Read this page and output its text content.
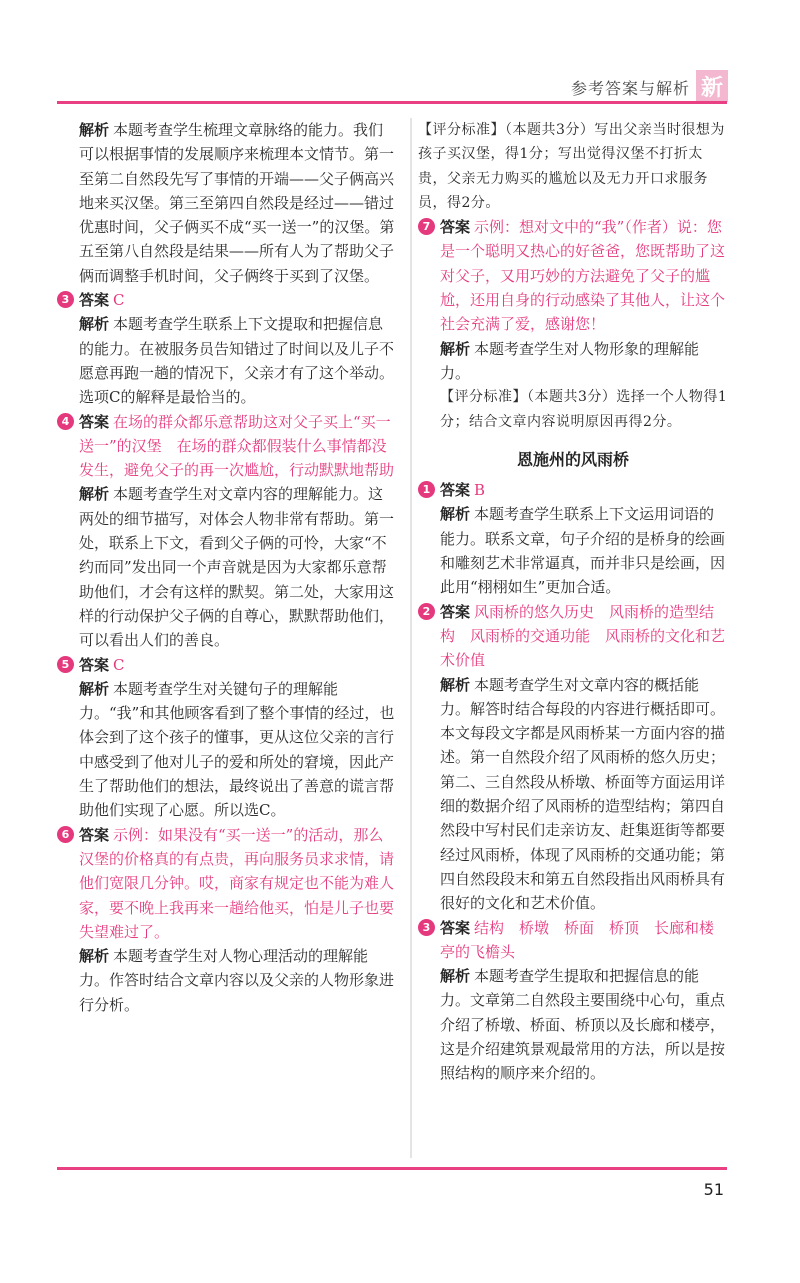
参考答案与解析 新

解析 本题考查学生梳理文章脉络的能力。我们可以根据事情的发展顺序来梳理本文情节。第一至第二自然段先写了事情的开端——父子俩高兴地来买汉堡。第三至第四自然段是经过——错过优惠时间，父子俩买不成“买一送一”的汉堡。第五至第八自然段是结果——所有人为了帮助父子俩而调整手机时间，父子俩终于买到了汉堡。

3 答案 C

解析 本题考查学生联系上下文提取和把握信息的能力。在被服务员告知错过了时间以及儿子不愿意再跑一趟的情况下，父亲才有了这个举动。选项C的解释是最恰当的。

4 答案 在场的群众都乐意帮助这对父子买上“买一送一”的汉堡　在场的群众都假装什么事情都没发生，避免父子的再一次尴尬，行动默默地帮助

解析 本题考查学生对文章内容的理解能力。这两处的细节描写，对体会人物非常有帮助。第一处，联系上下文，看到父子俩的可怜，大家“不约而同”发出同一个声音就是因为大家都乐意帮助他们，才会有这样的默契。第二处，大家用这样的行动保护父子俩的自尊心，默默帮助他们，可以看出人们的善良。

5 答案 C

解析 本题考查学生对关键句子的理解能力。“我”和其他顾客看到了整个事情的经过，也体会到了这个孩子的懂事，更从这位父亲的言行中感受到了他对儿子的爱和所处的窘境，因此产生了帮助他们的想法，最终说出了善意的谎言帮助他们实现了心愿。所以选C。

6 答案 示例：如果没有“买一送一”的活动，那么汉堡的价格真的有点贵，再向服务员求求情，请他们宽限几分钟。哎，商家有规定也不能为难人家，要不晚上我再来一趟给他买，怕是儿子也要失望难过了。

解析 本题考查学生对人物心理活动的理解能力。作答时结合文章内容以及父亲的人物形象进行分析。

【评分标准】（本题共3分）写出父亲当时很想为孩子买汉堡，得1分；写出觉得汉堡不打折太贵，父亲无力购买的尴尬以及无力开口求服务员，得2分。

7 答案 示例：想对文中的“我”（作者）说：您是一个聪明又热心的好爸爸，您既帮助了这对父子，又用巧妙的方法避免了父子的尴尬，还用自身的行动感染了其他人，让这个社会充满了爱，感谢您！

解析 本题考查学生对人物形象的理解能力。

【评分标准】（本题共3分）选择一个人物得1分；结合文章内容说明原因再得2分。

恩施州的风雨桥
1 答案 B

解析 本题考查学生联系上下文运用词语的能力。联系文章，句子介绍的是桥身的绘画和雕刻艺术非常逼真，而并非只是绘画，因此用“栩栩如生”更加合适。

2 答案 风雨桥的悠久历史　风雨桥的造型结构　风雨桥的交通功能　风雨桥的文化和艺术价值

解析 本题考查学生对文章内容的概括能力。解答时结合每段的内容进行概括即可。本文每段文字都是风雨桥某一方面内容的描述。第一自然段介绍了风雨桥的悠久历史；第二、三自然段从桥墩、桥面等方面运用详细的数据介绍了风雨桥的造型结构；第四自然段中写村民们走亲访友、赶集逛街等都要经过风雨桥，体现了风雨桥的交通功能；第四自然段段末和第五自然段指出风雨桥具有很好的文化和艺术价值。

3 答案 结构　桥墩　桥面　桥顶　长廊和楼亭的飞檐头

解析 本题考查学生提取和把握信息的能力。文章第二自然段主要围绕中心句，重点介绍了桥墩、桥面、桥顶以及长廊和楼亭，这是介绍建筑景观最常用的方法，所以是按照结构的顺序来介绍的。

51
